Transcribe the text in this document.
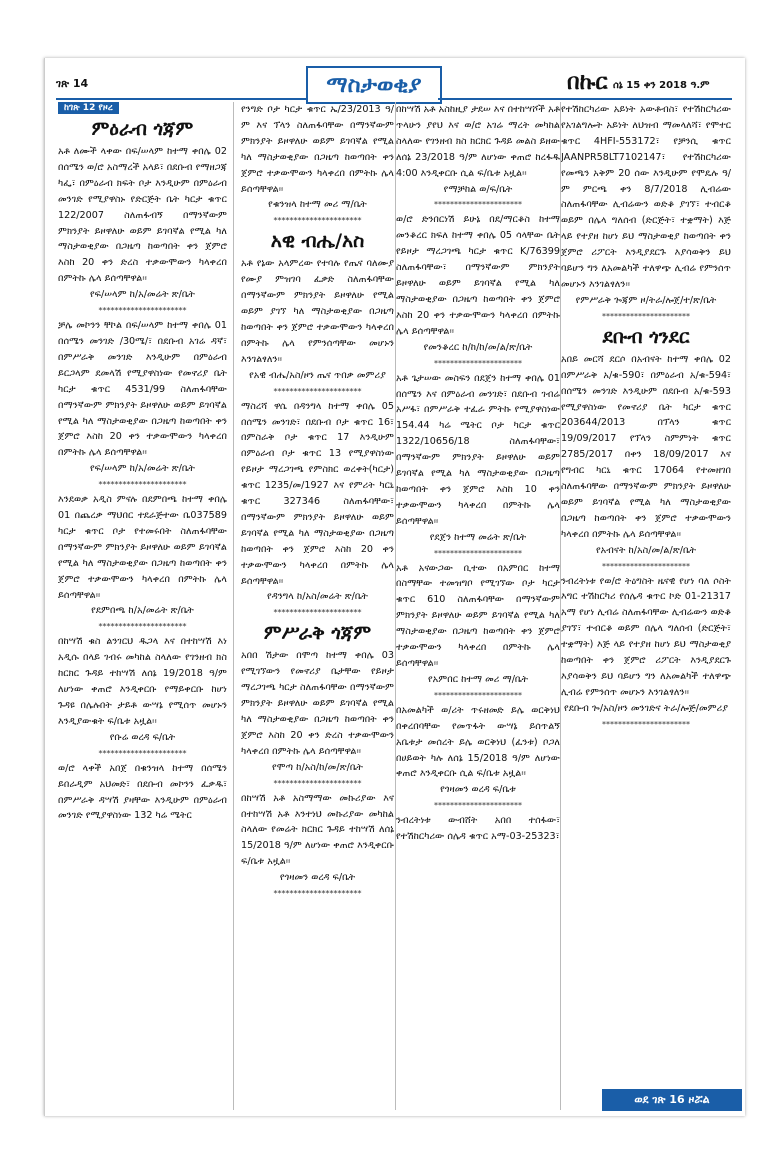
ገጽ 14	ማስታወቂያ	በኩር ሰኔ 15 ቀን 2018 ዓ.ም
ምዕራብ ጎጃም

አቶ ለሙች ላቀው በፍ/ሠላም ከተማ ቀበሌ 02 በሰሜን ወ/ሮ አስማረች አላይ፣ በደቡብ የማዘጋጃ ካፌ፣ በምዕራብ ክፍት ቦታ እንዲሁም በምዕራብ መንገድ የሚያዋስኑ የድርጅት ቤት ካርታ ቁጥር 122/2007 ስለጠፋብኝ በማንኛውም ምክንያት ይዞዋለሁ ወይም ይገባኛል የሚል ካለ ማስታወቂያው በጋዜጣ ከወጣበት ቀን ጀምሮ እስከ 20 ቀን ድረስ ተቃውሞውን ካላቀረበ በምትኩ ሌላ ይሰጣቸዋል፡፡

የፍ/ሠላም ከ/አ/መሬት ጽ/ቤት

**********************

ቻሌ መኮንን ቸኮል በፍ/ሠላም ከተማ ቀበሌ 01 በሰሜን መንገድ /30ሜ/፣ በደቡብ አገሬ ዳኛ፣ በምሥራቅ መንገድ እንዲሁም በምዕራብ ይርጋላም ደመላሽ የሚያዋስነው የመኖሪያ ቤት ካርታ ቁጥር 4531/99 ስለጠፋባቸው በማንኛውም ምክንያት ይዞዋለሁ ወይም ይገባኛል የሚል ካለ ማስታወቂያው በጋዜጣ ከወጣበት ቀን ጀምሮ እስከ 20 ቀን ተቃውሞውን ካላቀረበ በምትኩ ሌላ ይሰጣቸዋል፡፡

የፍ/ሠላም ከ/አ/መሬት ጽ/ቤት

**********************

እንደወቃ አዲስ ምናሉ በደምበጫ ከተማ ቀበሌ 01 በጨረቃ ማህበር ተደራጅተው ቤ037589 ካርታ ቁጥር ቦታ የተመሩበት ስለጠፋባቸው በማንኛውም ምክንያት ይዞዋለሁ ወይም ይገባኛል የሚል ካለ ማስታወቂያው በጋዜጣ ከወጣበት ቀን ጀምሮ ተቃውሞውን ካላቀረበ በምትኩ ሌላ ይሰጣቸዋል፡፡

የደምበጫ ከ/አ/መሬት ጽ/ቤት

**********************

በከሣሽ ቁስ ልንገርህ ዱጋላ እና በተከሣሽ እነ አዲሱ በላይ ገብሩ መካከል ስላለው የገንዘብ ክስ ከርክር ጉዳይ ተከሣሽ ለሰኔ 19/2018 ዓ/ም ለሆነው ቀጠሮ እንዲቀርቡ የማይቀርቡ ከሆነ ጉዳዩ በሌሉበት ታይቶ ውሣኔ የሚሰጥ መሆኑን እንዲያውቁት ፍ/ቤቱ አዟል፡፡

የቡሬ ወረዳ ፍ/ቤት

**********************

ወ/ሮ ላቀች አበጀ በቁንዝላ ከተማ በሰሜን ይበራዲም አህመድ፣ በደቡብ መኮንን ፈቃዱ፣ በምሥራቅ ዳሣሽ ያዛቸው እንዲሁም በምዕራብ መንገድ የሚያዋስነው 132 ካሬ ሜትር

የንግድ ቦታ ካርታ ቁጥር ኤ/23/2013 ዓ/ም እና ፕላን ስለጠፋባቸው በማንኛውም ምክንያት ይዞዋለሁ ወይም ይገባኛል የሚል ካለ ማስታወቂያው በጋዜጣ ከወጣበት ቀን ጀምሮ ተቃውሞውን ካላቀረበ በምትኩ ሌላ ይሰጣቸዋል፡፡

የቁንዝላ ከተማ መሪ ማ/ቤት

**********************
አዊ ብሔ/አስ

አቶ የኔው አላምረው የተባሉ የጤና ባለሙያ የሙያ ምዝገባ ፈቃድ ስለጠፋባቸው በማንኛውም ምክንያት ይዞዋለሁ የሚል ወይም ያገኘ ካለ ማስታወቂያው በጋዜጣ ከወጣበት ቀን ጀምሮ ተቃውሞውን ካላቀረበ በምትኩ ሌላ የምንሰጣቸው መሆኑን እንገልፃለን፡፡

የአዊ ብሔ/አስ/ዞን ጤና ጥበቃ መምሪያ

**********************

ማስረሻ ዋሴ በዳንግላ ከተማ ቀበሌ 05 በሰሜን መንገድ፣ በደቡብ ቦታ ቁጥር 16፣ በምስራቅ ቦታ ቁጥር 17 እንዲሁም በምዕራብ ቦታ ቁጥር 13 የሚያዋስነው የይዞታ ማረጋገጫ የምስክር ወረቀት(ካርታ) ቁጥር 1235/መ/1927 እና የምሪት ካርኒ ቁጥር 327346 ስለጠፋባቸው፣ በማንኛውም ምክንያት ይዞዋለሁ ወይም ይገባኛል የሚል ካለ ማስታወቂያው በጋዜጣ ከወጣበት ቀን ጀምሮ እስከ 20 ቀን ተቃውሞውን ካላቀረበ በምትኩ ሌላ ይሰጣቸዋል፡፡

የዳንግላ ከ/አስ/መሬት ጽ/ቤት

**********************
ምሥራቅ ጎጃም

አበበ ሽታው በሞጣ ከተማ ቀበሌ 03 የሚገኘውን የመኖሪያ ቤታቸው የይዞታ ማረጋገጫ ካርታ ስለጠፋባቸው በማንኛውም ምክንያት ይዞዋለሁ ወይም ይገባኛል የሚል ካለ ማስታወቂያው በጋዜጣ ከወጣበት ቀን ጀምሮ እስከ 20 ቀን ድረስ ተቃውሞውን ካላቀረበ በምትኩ ሌላ ይሰጣቸዋል፡፡

የሞጣ ከ/አስ/ከ/መ/ጽ/ቤት

**********************

በከሣሽ አቶ አስማማው መኩሪያው እና በተከሣሽ አቶ እንተነህ መኩሪያው መካከል ስላለው የመሬት ክርክር ጉዳይ ተከሣሽ ለሰኔ 15/2018 ዓ/ም ለሆነው ቀጠሮ እንዲቀርቡ ፍ/ቤቱ አዟል፡፡

የጎዛመን ወረዳ ፍ/ቤት

**********************

በከሣሽ አቶ አስከዚያ ታደሠ እና በተከሣሾች አቶ ጥላሁን ያየህ እና ወ/ሮ አገሬ ማረት መካከል ስላለው የገንዘብ ክስ ክርክር ጉዳይ መልስ ይዘው ለሰኔ 23/2018 ዓ/ም ለሆነው ቀጠሮ ከረፋዱ 4:00 እንዲቀርቡ ሲል ፍ/ቤቱ አዟል፡፡

የማቻከል ወ/ፍ/ቤት

**********************

ወ/ሮ ድንበርነሽ ይሁኔ በደ/ማርቆስ ከተማ መንቆረር ክፍለ ከተማ ቀበሌ 05 ሳላቸው ቤት የይዞታ ማረጋገጫ ካርታ ቁጥር K/76399 ስለጠፋባቸው፣ በማንኛውም ምክንያት ይዞዋለሁ ወይም ይገባኛል የሚል ካለ ማስታወቂያው በጋዜጣ ከወጣበት ቀን ጀምሮ እስከ 20 ቀን ተቃውሞውን ካላቀረበ በምትኩ ሌላ ይሰጣቸዋል፡፡

የመንቆረር ከ/ከ/ከ/መ/ል/ጽ/ቤት

**********************

አቶ ጌታሠው መስፍን በደጀን ከተማ ቀበሌ 01 በሰሜን እና በምዕራብ መንገድ፣ በደቡብ ገብሬ አሥፋ፣ በምሥራቅ ተፈራ ምትኩ የሚያዋስነው 154.44 ካሬ ሜትር ቦታ ካርታ ቁጥር 1322/10656/18 ስለጠፋባቸው፣ በማንኛውም ምክንያት ይዞዋለሁ ወይም ይገባኛል የሚል ካለ ማስታወቂያው በጋዜጣ ከወጣበት ቀን ጀምሮ እስከ 10 ቀን ተቃውሞውን ካላቀረበ በምትኩ ሌላ ይሰጣቸዋል፡፡

የደጀን ከተማ መሬት ጽ/ቤት

**********************

አቶ አናውጋው ቢተው በአምበር ከተማ በስማቸው ተመዝግቦ የሚገኘው ቦታ ካርታ ቁጥር 610 ስለጠፋባቸው በማንኛውም ምክንያት ይዞዋለሁ ወይም ይገባኛል የሚል ካለ ማስታወቂያው በጋዜጣ ከወጣበት ቀን ጀምሮ ተቃውሞውን ካላቀረበ በምትኩ ሌላ ይሰጣቸዋል፡፡

የአምበር ከተማ መሪ ማ/ቤት

**********************

በአመልካች ወ/ሪት ጥሩዘመድ ይሌ ወርቅነህ በቀረበባቸው የመጥፋት ውሣኔ ይሰጥልኝ አቤቱታ መሰረት ይሌ ወርቅነህ (ፈንቱ) ቦጋለ በሀይወት ካሉ ለሰኔ 15/2018 ዓ/ም ለሆነው ቀጠሮ እንዲቀርቡ ሲል ፍ/ቤቱ አዟል፡፡

የጎዛመን ወረዳ ፍ/ቤቱ

**********************

ንብረትነቱ ውብሸት አበበ ተሰፋው፣ የተሽከርካሪው ሰሌዳ ቁጥር አማ-03-25323፣

የተሽከርካሪው አይነት አውቶብስ፣ የተሽከርካሪው የአገልግሎት አይነት ለህዝብ ማመላለሻ፣ የሞተር ቁጥር 4HFI-553172፣ የቻንሲ ቁጥር JAANPR58LT7102147፣ የተሽከርካሪው የመጫን አቅም 20 ሰው እንዲሁም የሞዴሉ ዓ/ም ምርጫ ቀን 8/7/2018 ሊብሬው ስለጠፋባቸው ሊብሬውን ወድቆ ያገኘ፣ ተብርቆ ወይም በሌላ ግለሰብ (ድርጅት፣ ተቋማት) እጅ ላይ የተያዘ ከሆነ ይህ ማስታወቂያ ከወጣበት ቀን ጀምሮ ሪፖርት እንዲያደርጉ እያሳወቅን ይህ ባይሆን ግን ለአመልካች ተለዋጭ ሊብሬ የምንሰጥ መሆኑን እንገልፃለን፡፡

የምሥራቅ ጐጃም ዞ/ትራ/ሎጀ/ተ/ጽ/ቤት

**********************
ደቡብ ጎንደር

አበይ መርሻ ደርሶ በአብናት ከተማ ቀበሌ 02 በምሥራቅ አ/ቁ-590፣ በምዕራብ አ/ቁ-594፣ በሰሜን መንገድ እንዲሁም በደቡብ አ/ቁ-593 የሚያዋስነው የመኖሪያ ቤት ካርታ ቁጥር 203644/2013 በፕላን ቁጥር 19/09/2017 የፕላን ስምምነት ቁጥር 2785/2017 በቀን 18/09/2017 እና የግብር ካርኒ ቁጥር 17064 የተመዘገበ ስለጠፋባቸው በማንኛውም ምክንያት ይዞዋለሁ ወይም ይገባኛል የሚል ካለ ማስታወቂያው በጋዜጣ ከወጣበት ቀን ጀምሮ ተቃውሞውን ካላቀረበ በምትኩ ሌላ ይሰጣቸዋል፡፡

የአብናት ከ/አስ/መ/ል/ጽ/ቤት

**********************

ንብረትነቱ የወ/ሮ ትዕግስት ዜናዊ የሆነ ባለ ሶስት እግር ተሽከርካሪ የሰሌዳ ቁጥር ኮድ 01-21317 አማ የሆነ ሊብሬ ስለጠፋባቸው ሊብሬውን ወድቆ ያገኘ፣ ተብርቆ ወይም በሌላ ግለሰብ (ድርጅት፣ ተቋማት) እጅ ላይ የተያዘ ከሆነ ይህ ማስታወቂያ ከወጣበት ቀን ጀምሮ ሪፖርት እንዲያደርጉ እያሳወቅን ይህ ባይሆን ግን ለአመልካች ተለዋጭ ሊብሬ የምንሰጥ መሆኑን እንገልፃለን፡፡

የደቡብ ጐ/አስ/ዞን መንገድና ትራ/ሎጅ/መምሪያ

**********************
ከገጽ 12 የዞረ
ወደ ገጽ 16 ዞሯል
